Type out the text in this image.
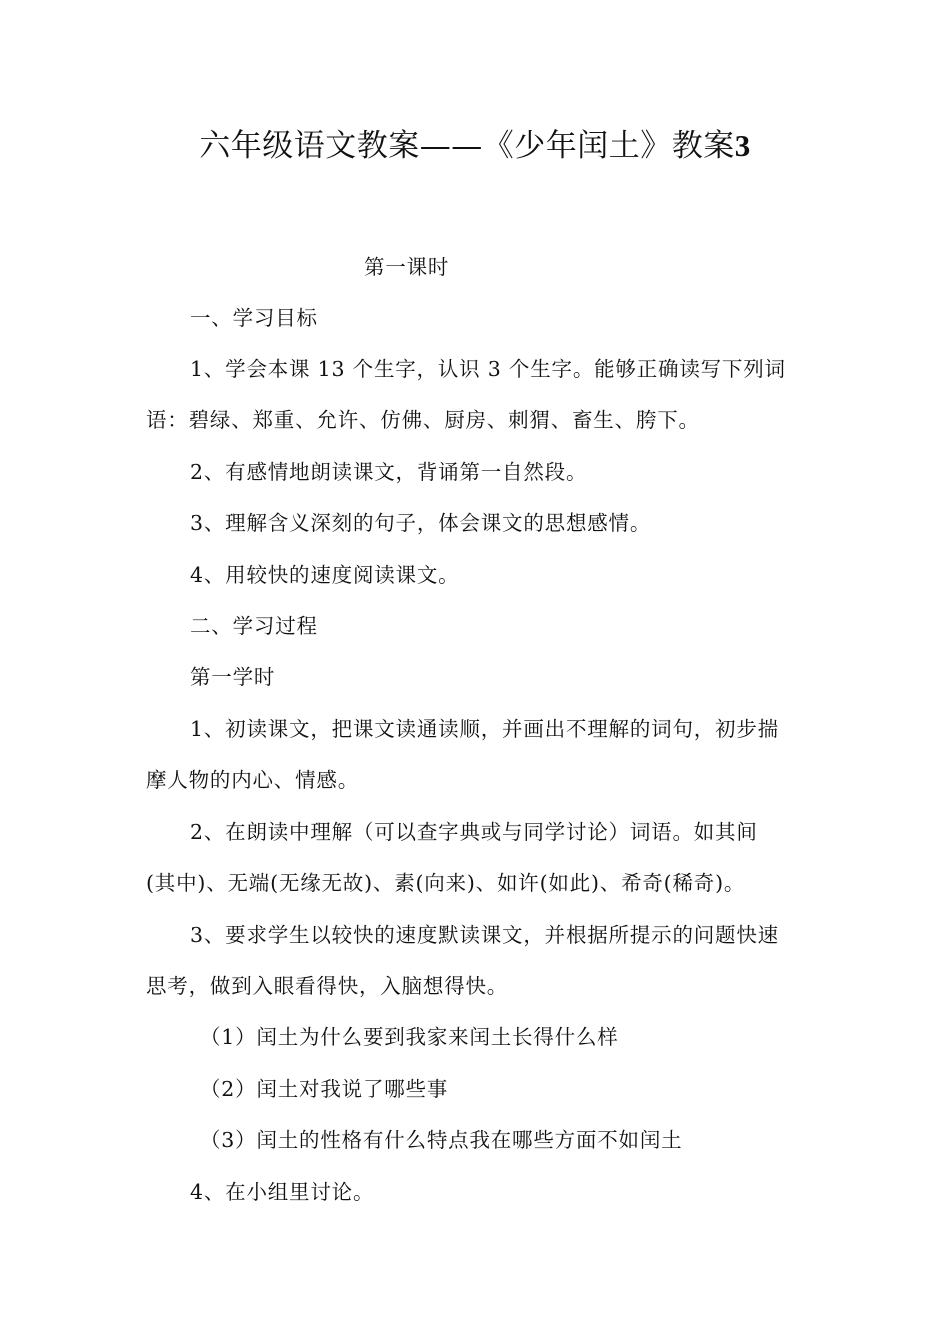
六年级语文教案——《少年闰土》教案3
第一课时
一、学习目标
1、学会本课 13 个生字，认识 3 个生字。能够正确读写下列词
语：碧绿、郑重、允许、仿佛、厨房、刺猬、畜生、胯下。
2、有感情地朗读课文，背诵第一自然段。
3、理解含义深刻的句子，体会课文的思想感情。
4、用较快的速度阅读课文。
二、学习过程
第一学时
1、初读课文，把课文读通读顺，并画出不理解的词句，初步揣
摩人物的内心、情感。
2、在朗读中理解（可以查字典或与同学讨论）词语。如其间
(其中)、无端(无缘无故)、素(向来)、如许(如此)、希奇(稀奇)。
3、要求学生以较快的速度默读课文，并根据所提示的问题快速
思考，做到入眼看得快，入脑想得快。
（1）闰土为什么要到我家来闰土长得什么样
（2）闰土对我说了哪些事
（3）闰土的性格有什么特点我在哪些方面不如闰土
4、在小组里讨论。
